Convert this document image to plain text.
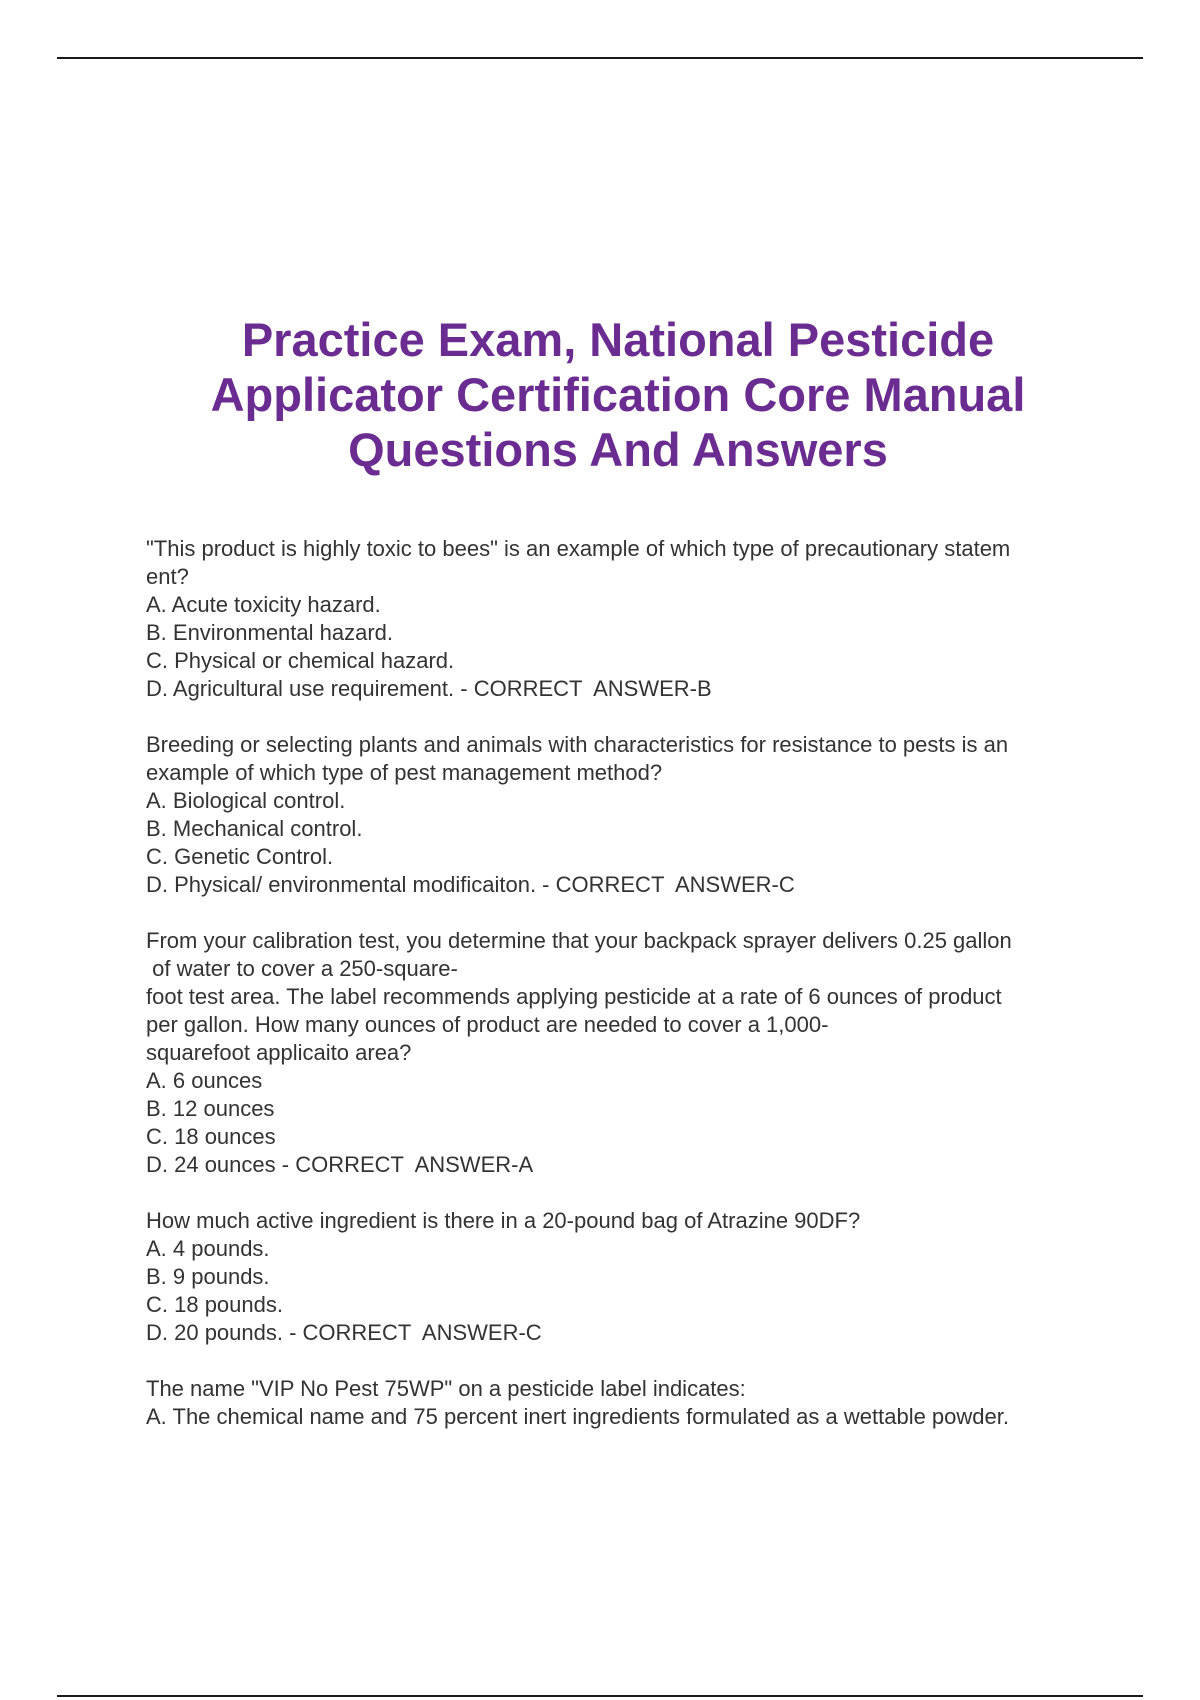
Practice Exam, National Pesticide
Applicator Certification Core Manual
Questions And Answers
"This product is highly toxic to bees" is an example of which type of precautionary statem
ent?
A. Acute toxicity hazard.
B. Environmental hazard.
C. Physical or chemical hazard.
D. Agricultural use requirement. - CORRECT  ANSWER-B
Breeding or selecting plants and animals with characteristics for resistance to pests is an
example of which type of pest management method?
A. Biological control.
B. Mechanical control.
C. Genetic Control.
D. Physical/ environmental modificaiton. - CORRECT  ANSWER-C
From your calibration test, you determine that your backpack sprayer delivers 0.25 gallon
of water to cover a 250-square-
foot test area. The label recommends applying pesticide at a rate of 6 ounces of product
per gallon. How many ounces of product are needed to cover a 1,000-
squarefoot applicaito area?
A. 6 ounces
B. 12 ounces
C. 18 ounces
D. 24 ounces - CORRECT  ANSWER-A
How much active ingredient is there in a 20-pound bag of Atrazine 90DF?
A. 4 pounds.
B. 9 pounds.
C. 18 pounds.
D. 20 pounds. - CORRECT  ANSWER-C
The name "VIP No Pest 75WP" on a pesticide label indicates:
A. The chemical name and 75 percent inert ingredients formulated as a wettable powder.
